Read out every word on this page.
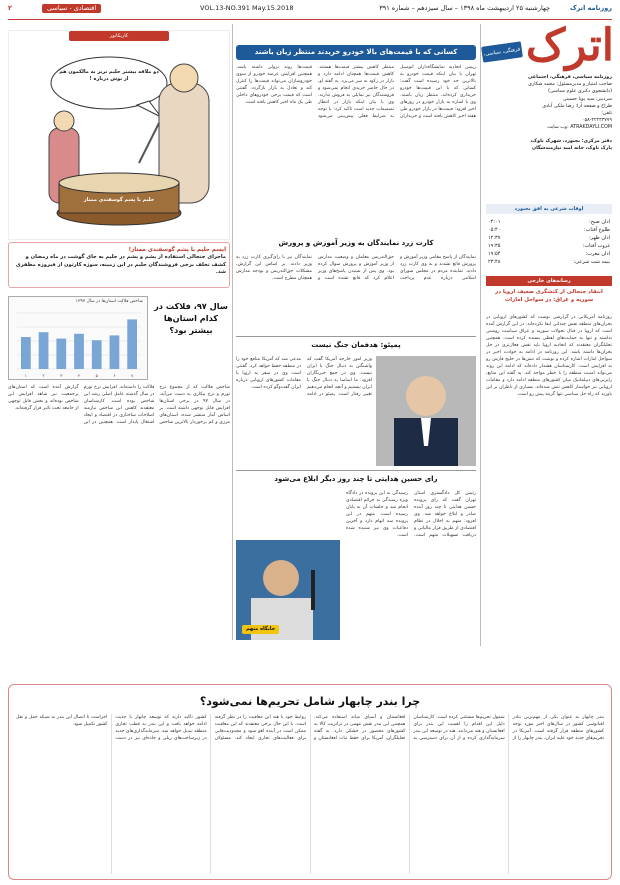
روزنامه اترک
چهارشنبه ۲۵ اردیبهشت ماه ۱۳۹۸ – سال سیزدهم – شماره ۳۹۱
VOL.13-NO.391 May.15.2018
اقتصادی - سیاسی
۲
اترک
فرهنگی، سیاسی، اجتماعی
روزنامه سیاسی، فرهنگی، اجتماعی
صاحب امتیاز و مدیرمسئول: محمد شکاری
(دانشجوی دکتری علوم سیاسی)
سردبیر: سید پویا حسینی
طراح و صفحه آرا: رضا ملکی آبادی
تلفن:
۰۵۸-۳۲۲۳۳۷۷۹
وب سایت: ATRAKDAYLI.COM
دفتر مرکزی: بجنورد، شهرک ناوک،
پارک ناوک، خانه امید نیازمندشگان
اوقات شرعی به افق بجنورد
اذان صبح:
۰۴:۰۱
طلوع آفتاب:
۰۵:۴۰
اذان ظهر:
۱۲:۳۷
غروب آفتاب:
۱۹:۳۵
اذان مغرب:
۱۹:۵۴
نیمه شب شرعی:
۲۳:۴۸
رسانه‌های خارجی
انتقاد جنجالی از کنشگری ضعیف اروپا در سوریه و عراق: در سواحل امارات
روزنامه آمریکایی در گزارشی نوشت که کشورهای اروپایی در بحران‌های منطقه نقش چندانی ایفا نکرده‌اند. در این گزارش آمده است که اروپا در قبال تحولات سوریه و عراق سیاست روشنی نداشته و تنها به حمایت‌های لفظی بسنده کرده است. همچنین تحلیلگران معتقدند که اتحادیه اروپا باید نقش فعال‌تری در حل بحران‌ها داشته باشد. این روزنامه در ادامه به حوادث اخیر در سواحل امارات اشاره کرده و نوشت که تنش‌ها در خلیج فارس رو به افزایش است. کارشناسان هشدار داده‌اند که ادامه این روند می‌تواند امنیت منطقه را با خطر مواجه کند. به گفته این منابع، رایزنی‌های دیپلماتیک میان کشورهای منطقه ادامه دارد و مقامات اروپایی نیز خواستار کاهش تنش شده‌اند. بسیاری از ناظران بر این باورند که راه حل سیاسی تنها گزینه پیش رو است.
کسانی که با قیمت‌های بالا خودرو خریدند منتظر زیان باشند
رییس اتحادیه نمایشگاه‌داران اتومبیل تهران با بیان اینکه قیمت خودرو به بالاترین حد خود رسیده است گفت: کسانی که با این قیمت‌ها خودرو خریداری کرده‌اند، منتظر زیان باشند. وی با اشاره به بازار خودرو در روزهای اخیر افزود: قیمت‌ها در بازار خودرو طی هفته اخیر کاهش یافته است و خریداران منتظر کاهش بیشتر قیمت‌ها هستند. کاهش قیمت‌ها همچنان ادامه دارد و بازار در رکود به سر می‌برد. به گفته او، در حال حاضر خریدی انجام نمی‌شود و فروشندگان نیز تمایلی به فروش ندارند. وی با بیان اینکه بازار در انتظار تصمیمات جدید است تاکید کرد: با توجه به شرایط فعلی پیش‌بینی می‌شود قیمت‌ها روند نزولی داشته باشد. همچنین افزایش عرضه خودرو از سوی خودروسازان می‌تواند قیمت‌ها را کنترل کند و تعادل به بازار بازگردد. گفتنی است که قیمت برخی خودروهای داخلی طی یک ماه اخیر کاهش یافته است.
کاریکاتور
دو ملاقه بیشتر حلیم نریز به مالکمون هم از نوش درباره !
حلیم با پشم گوسفندی ممتاز
ایسم حلیم با پشم گوسفندی ممتاز!
ماجرای جنجالی استفاده از پشم و پشم در حلیم به جای گوشت در ماه رمضان و کشف تخلف برخی فروشندگان حلیم در این زمینه، سوژه کارتون از فیروزه مظفری شد.
کارت زرد نمایندگان به وزیر آموزش و پرورش
نمایندگان از پاسخ مقامی وزیر آموزش و پرورش قانع نشدند و به وی کارت زرد دادند. نماینده مردم در مجلس شورای اسلامی درباره عدم پرداخت حق‌التدریس معلمان و وضعیت مدارس از وزیر آموزش و پرورش سوال کرده بود. وی پس از شنیدن پاسخ‌های وزیر اعلام کرد که قانع نشده است و نمایندگان نیز با رای‌گیری کارت زرد به وزیر دادند. بر اساس این گزارش، مشکلات حق‌التدریس و بودجه مدارس همچنان مطرح است.
پمپئو: هدفمان جنگ نیست
وزیر امور خارجه آمریکا گفت که واشنگتن به دنبال جنگ با ایران نیست. وی در جمع خبرنگاران افزود: ما اساسا به دنبال جنگ با ایران نیستیم و آنچه انجام می‌دهیم تغییر رفتار است. پمپئو در ادامه مدعی شد که آمریکا منافع خود را در منطقه حفظ خواهد کرد. گفتنی است وی در سفر به اروپا با مقامات کشورهای اروپایی درباره ایران گفت‌وگو کرده است.
رای حسین هدایتی تا چند روز دیگر ابلاغ می‌شود
رئیس کل دادگستری استان تهران گفت که رای پرونده حسین هدایتی تا چند روز آینده صادر و ابلاغ خواهد شد. وی افزود: متهم به اخلال در نظام اقتصادی از طریق فرار مالیاتی و دریافت تسهیلات متهم است. رسیدگی به این پرونده در دادگاه ویژه رسیدگی به جرائم اقتصادی انجام شد و جلسات آن به پایان رسیده است. متهم در این پرونده سه اتهام دارد و آخرین دفاعیات وی نیز شنیده شده است.
جایگاه متهم
شاخص فلاکت استان‌ها در سال ۱۳۹۷
۱	۲	۳	۴	۵	۶	۷
سال ۹۷، فلاکت در کدام استان‌ها بیشتر بود؟
شاخص فلاکت که از مجموع نرخ تورم و نرخ بیکاری به دست می‌آید، در سال ۹۷ در برخی استان‌ها افزایش قابل توجهی داشته است. بر اساس آمار منتشر شده، استان‌های مرزی و کم برخوردار بالاترین شاخص فلاکت را داشته‌اند. افزایش نرخ تورم در سال گذشته عامل اصلی رشد این شاخص بوده است. کارشناسان معتقدند کاهش این شاخص نیازمند اصلاحات ساختاری در اقتصاد و ایجاد اشتغال پایدار است. همچنین در این گزارش آمده است که استان‌های پرجمعیت نیز شاهد افزایش این شاخص بوده‌اند و بخش قابل توجهی از جامعه تحت تاثیر قرار گرفته‌اند.
چرا بندر چابهار شامل تحریم‌ها نمی‌شود؟
بندر چابهار به عنوان یکی از مهم‌ترین بنادر اقیانوسی کشور در سال‌های اخیر مورد توجه کشورهای منطقه قرار گرفته است. آمریکا در تحریم‌های جدید خود علیه ایران، بندر چابهار را از شمول تحریم‌ها مستثنی کرده است. کارشناسان دلیل این اقدام را اهمیت این بندر برای افغانستان و هند می‌دانند. هند در توسعه این بندر سرمایه‌گذاری کرده و از آن برای دسترسی به افغانستان و آسیای میانه استفاده می‌کند. همچنین این بندر نقش مهمی در ترانزیت کالا به کشورهای محصور در خشکی دارد. به گفته تحلیلگران، آمریکا برای حفظ ثبات افغانستان و روابط خود با هند این معافیت را در نظر گرفته است. با این حال برخی معتقدند که این معافیت ممکن است در آینده لغو شود و محدودیت‌هایی برای فعالیت‌های تجاری ایجاد کند. مسئولان کشور تاکید دارند که توسعه چابهار با جدیت ادامه خواهد یافت و این بندر به قطب تجاری منطقه تبدیل خواهد شد. سرمایه‌گذاری‌های جدید در زیرساخت‌های ریلی و جاده‌ای نیز در دست اجراست تا اتصال این بندر به شبکه حمل و نقل کشور تکمیل شود.
